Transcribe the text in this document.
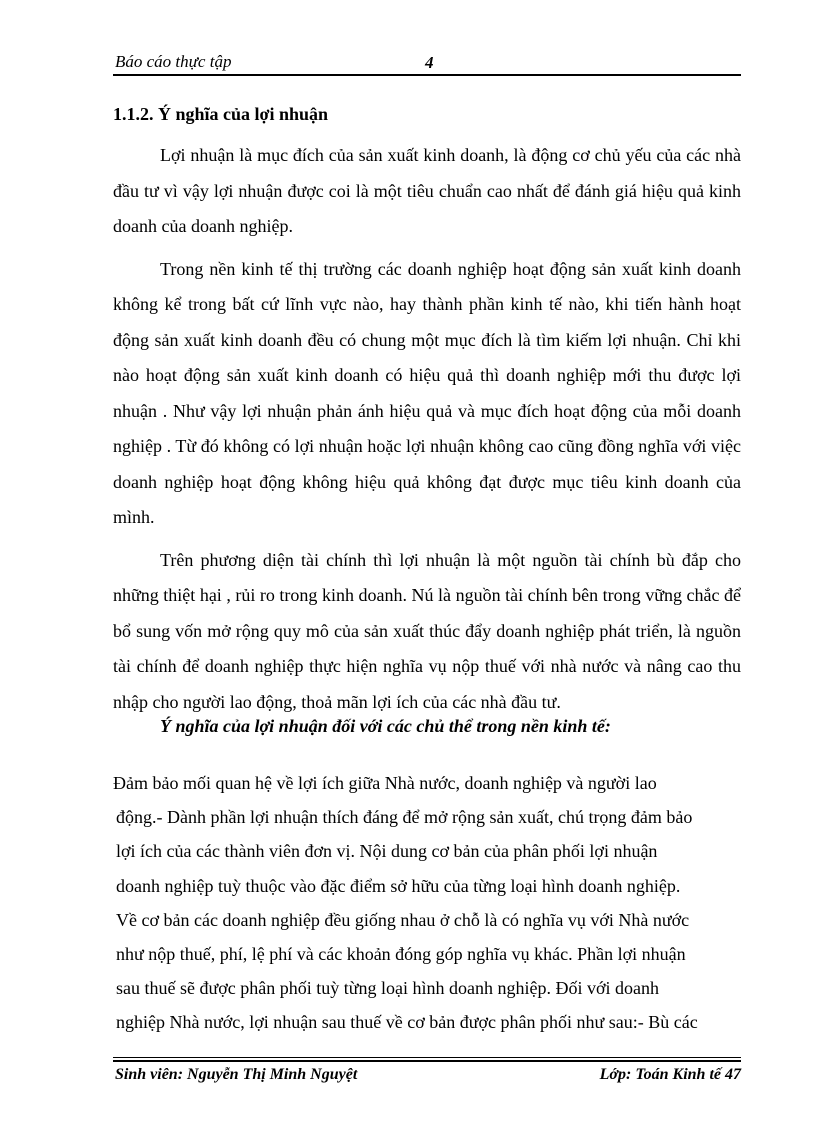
Báo cáo thực tập	4
1.1.2. Ý nghĩa của lợi nhuận

Lợi nhuận là mục đích của sản xuất kinh doanh, là động cơ chủ yếu của các nhà đầu tư vì vậy lợi nhuận được coi là một tiêu chuẩn cao nhất để đánh giá hiệu quả kinh doanh của doanh nghiệp.

Trong nền kinh tế thị trường các doanh nghiệp hoạt động sản xuất kinh doanh không kể trong bất cứ lĩnh vực nào, hay thành phần kinh tế nào, khi tiến hành hoạt động sản xuất kinh doanh đều có chung một mục đích là tìm kiếm lợi nhuận. Chỉ khi nào hoạt động sản xuất kinh doanh có hiệu quả thì doanh nghiệp mới thu được lợi nhuận . Như vậy lợi nhuận phản ánh hiệu quả và mục đích hoạt động của mỗi doanh nghiệp . Từ đó không có lợi nhuận hoặc lợi nhuận không cao cũng đồng nghĩa với việc doanh nghiệp hoạt động không hiệu quả không đạt được mục tiêu kinh doanh của mình.

Trên phương diện tài chính thì lợi nhuận là một nguồn tài chính bù đắp cho những thiệt hại , rủi ro trong kinh doanh. Nú là nguồn tài chính bên trong vững chắc để bổ sung vốn mở rộng quy mô của sản xuất thúc đẩy doanh nghiệp phát triển, là nguồn tài chính để doanh nghiệp thực hiện nghĩa vụ nộp thuế với nhà nước và nâng cao thu nhập cho người lao động, thoả mãn lợi ích của các nhà đầu tư.

Ý nghĩa của lợi nhuận đối với các chủ thể trong nền kinh tế:
Đảm bảo mối quan hệ về lợi ích giữa Nhà nước, doanh nghiệp và người lao
động.- Dành phần lợi nhuận thích đáng để mở rộng sản xuất, chú trọng đảm bảo
lợi ích của các thành viên đơn vị. Nội dung cơ bản của phân phối lợi nhuận
doanh nghiệp tuỳ thuộc vào đặc điểm sở hữu của từng loại hình doanh nghiệp.
Về cơ bản các doanh nghiệp đều giống nhau ở chỗ là có nghĩa vụ với Nhà nước
như nộp thuế, phí, lệ phí và các khoản đóng góp nghĩa vụ khác. Phần lợi nhuận
sau thuế sẽ được phân phối tuỳ từng loại hình doanh nghiệp. Đối với doanh
nghiệp Nhà nước, lợi nhuận sau thuế về cơ bản được phân phối như sau:- Bù các
Sinh viên: Nguyễn Thị Minh Nguyệt	Lớp: Toán Kinh tế 47
